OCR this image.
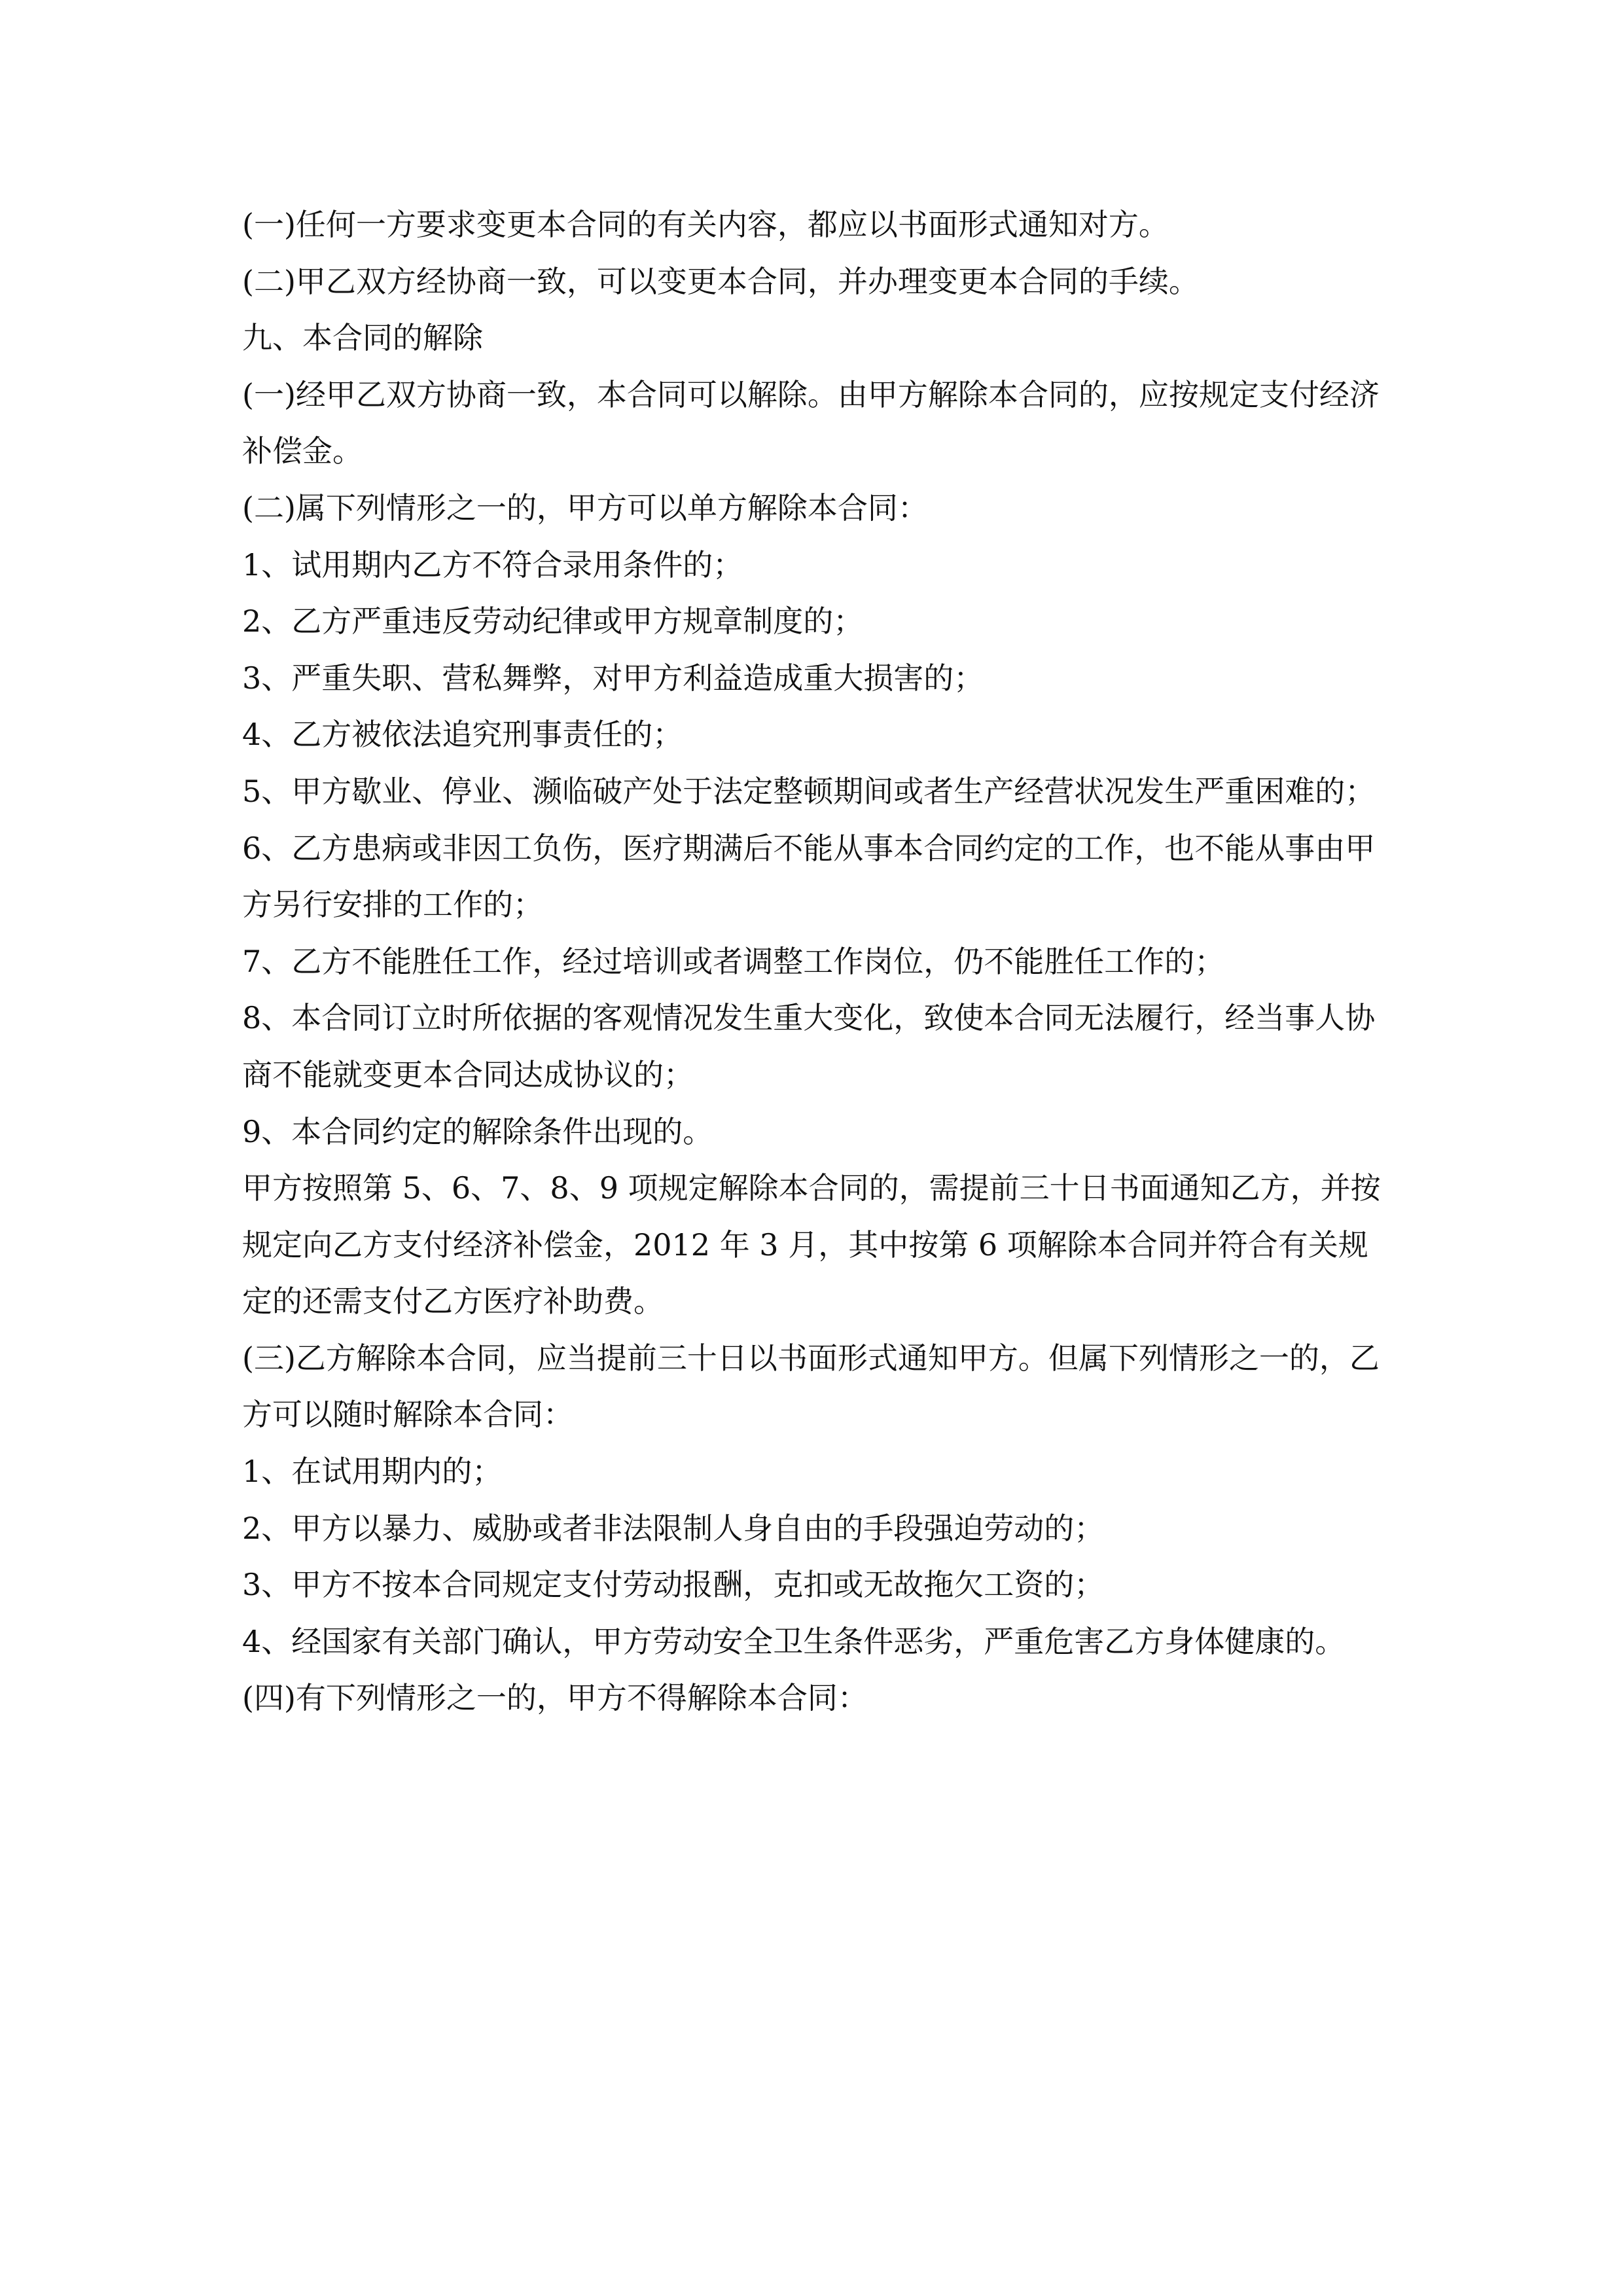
(一)任何一方要求变更本合同的有关内容，都应以书面形式通知对方。

(二)甲乙双方经协商一致，可以变更本合同，并办理变更本合同的手续。

九、本合同的解除

(一)经甲乙双方协商一致，本合同可以解除。由甲方解除本合同的，应按规定支付经济补偿金。

(二)属下列情形之一的，甲方可以单方解除本合同：

1、试用期内乙方不符合录用条件的；

2、乙方严重违反劳动纪律或甲方规章制度的；

3、严重失职、营私舞弊，对甲方利益造成重大损害的；

4、乙方被依法追究刑事责任的；

5、甲方歇业、停业、濒临破产处于法定整顿期间或者生产经营状况发生严重困难的；

6、乙方患病或非因工负伤，医疗期满后不能从事本合同约定的工作，也不能从事由甲方另行安排的工作的；

7、乙方不能胜任工作，经过培训或者调整工作岗位，仍不能胜任工作的；

8、本合同订立时所依据的客观情况发生重大变化，致使本合同无法履行，经当事人协商不能就变更本合同达成协议的；

9、本合同约定的解除条件出现的。

甲方按照第 5、6、7、8、9 项规定解除本合同的，需提前三十日书面通知乙方，并按规定向乙方支付经济补偿金，2012 年 3 月，其中按第 6 项解除本合同并符合有关规定的还需支付乙方医疗补助费。

(三)乙方解除本合同，应当提前三十日以书面形式通知甲方。但属下列情形之一的，乙方可以随时解除本合同：

1、在试用期内的；

2、甲方以暴力、威胁或者非法限制人身自由的手段强迫劳动的；

3、甲方不按本合同规定支付劳动报酬，克扣或无故拖欠工资的；

4、经国家有关部门确认，甲方劳动安全卫生条件恶劣，严重危害乙方身体健康的。

(四)有下列情形之一的，甲方不得解除本合同：
